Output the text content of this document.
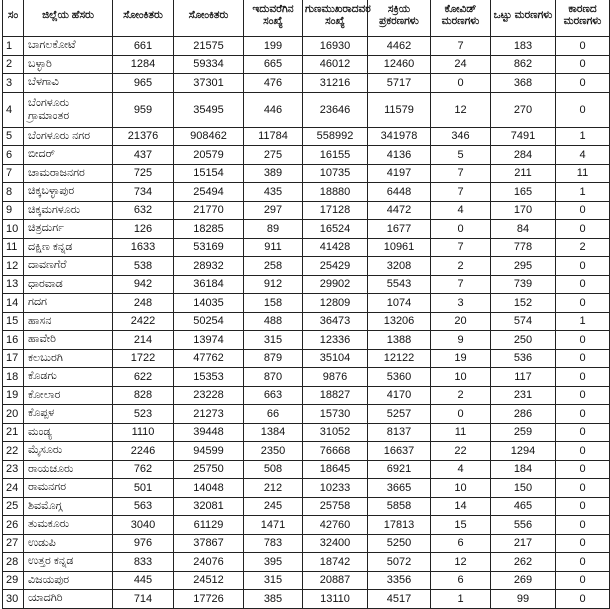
ಸಂ	ಜಿಲ್ಲೆಯ ಹೆಸರು	ಸೋಂಕಿತರು	ಸೋಂಕಿತರು	ಇದುವರೆಗಿನ ಸಂಖ್ಯೆ	ಗುಣಮುಖರಾದವರ ಸಂಖ್ಯೆ	ಸಕ್ರಿಯ ಪ್ರಕರಣಗಳು	ಕೋವಿಡ್ ಮರಣಗಳು	ಒಟ್ಟು ಮರಣಗಳು	ಕಾರಣದ ಮರಣಗಳು
1	ಬಾಗಲಕೋಟೆ	661	21575	199	16930	4462	7	183	0
2	ಬಳ್ಳಾರಿ	1284	59334	665	46012	12460	24	862	0
3	ಬೆಳಗಾವಿ	965	37301	476	31216	5717	0	368	0
4	ಬೆಂಗಳೂರು ಗ್ರಾಮಾಂತರ	959	35495	446	23646	11579	12	270	0
5	ಬೆಂಗಳೂರು ನಗರ	21376	908462	11784	558992	341978	346	7491	1
6	ಬೀದರ್	437	20579	275	16155	4136	5	284	4
7	ಚಾಮರಾಜನಗರ	725	15154	389	10735	4197	7	211	11
8	ಚಿಕ್ಕಬಳ್ಳಾಪುರ	734	25494	435	18880	6448	7	165	1
9	ಚಿಕ್ಕಮಗಳೂರು	632	21770	297	17128	4472	4	170	0
10	ಚಿತ್ರದುರ್ಗ	126	18285	89	16524	1677	0	84	0
11	ದಕ್ಷಿಣ ಕನ್ನಡ	1633	53169	911	41428	10961	7	778	2
12	ದಾವಣಗೆರೆ	538	28932	258	25429	3208	2	295	0
13	ಧಾರವಾಡ	942	36184	912	29902	5543	7	739	0
14	ಗದಗ	248	14035	158	12809	1074	3	152	0
15	ಹಾಸನ	2422	50254	488	36473	13206	20	574	1
16	ಹಾವೇರಿ	214	13974	315	12336	1388	9	250	0
17	ಕಲಬುರಗಿ	1722	47762	879	35104	12122	19	536	0
18	ಕೊಡಗು	622	15353	870	9876	5360	10	117	0
19	ಕೋಲಾರ	828	23228	663	18827	4170	2	231	0
20	ಕೊಪ್ಪಳ	523	21273	66	15730	5257	0	286	0
21	ಮಂಡ್ಯ	1110	39448	1384	31052	8137	11	259	0
22	ಮೈಸೂರು	2246	94599	2350	76668	16637	22	1294	0
23	ರಾಯಚೂರು	762	25750	508	18645	6921	4	184	0
24	ರಾಮನಗರ	501	14048	212	10233	3665	10	150	0
25	ಶಿವಮೊಗ್ಗ	563	32081	245	25758	5858	14	465	0
26	ತುಮಕೂರು	3040	61129	1471	42760	17813	15	556	0
27	ಉಡುಪಿ	976	37867	783	32400	5250	6	217	0
28	ಉತ್ತರ ಕನ್ನಡ	833	24076	395	18742	5072	12	262	0
29	ವಿಜಯಪುರ	445	24512	315	20887	3356	6	269	0
30	ಯಾದಗಿರಿ	714	17726	385	13110	4517	1	99	0
